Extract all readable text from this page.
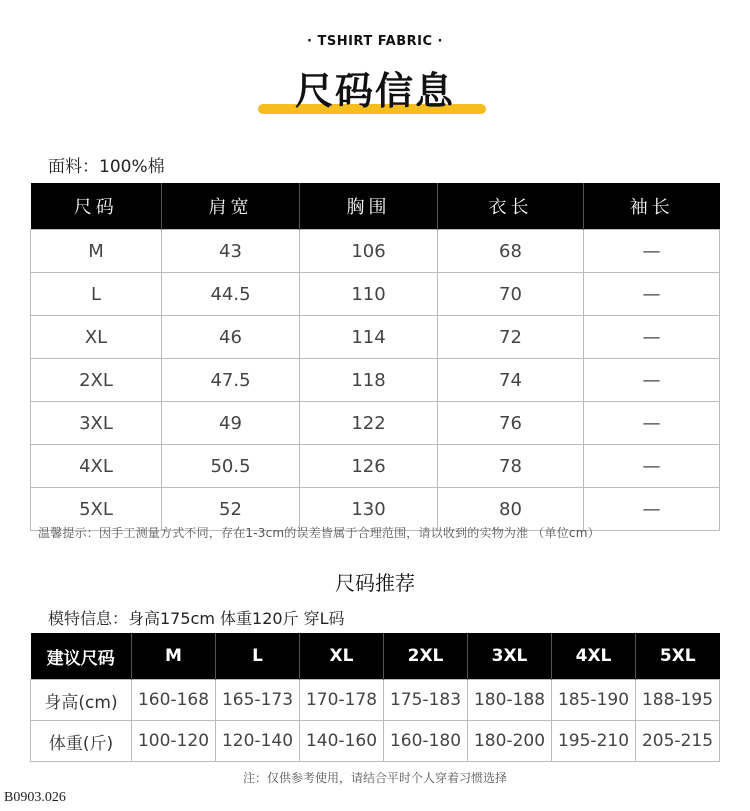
· TSHIRT FABRIC ·
尺码信息
面料：100%棉
尺码	肩宽	胸围	衣长	袖长
M	43	106	68	—
L	44.5	110	70	—
XL	46	114	72	—
2XL	47.5	118	74	—
3XL	49	122	76	—
4XL	50.5	126	78	—
5XL	52	130	80	—
温馨提示：因手工测量方式不同，存在1-3cm的误差皆属于合理范围，请以收到的实物为准 （单位cm）
尺码推荐
模特信息：身高175cm 体重120斤 穿L码
建议尺码	M	L	XL	2XL	3XL	4XL	5XL
身高(cm)	160-168	165-173	170-178	175-183	180-188	185-190	188-195
体重(斤)	100-120	120-140	140-160	160-180	180-200	195-210	205-215
注：仅供参考使用，请结合平时个人穿着习惯选择
B0903.026
